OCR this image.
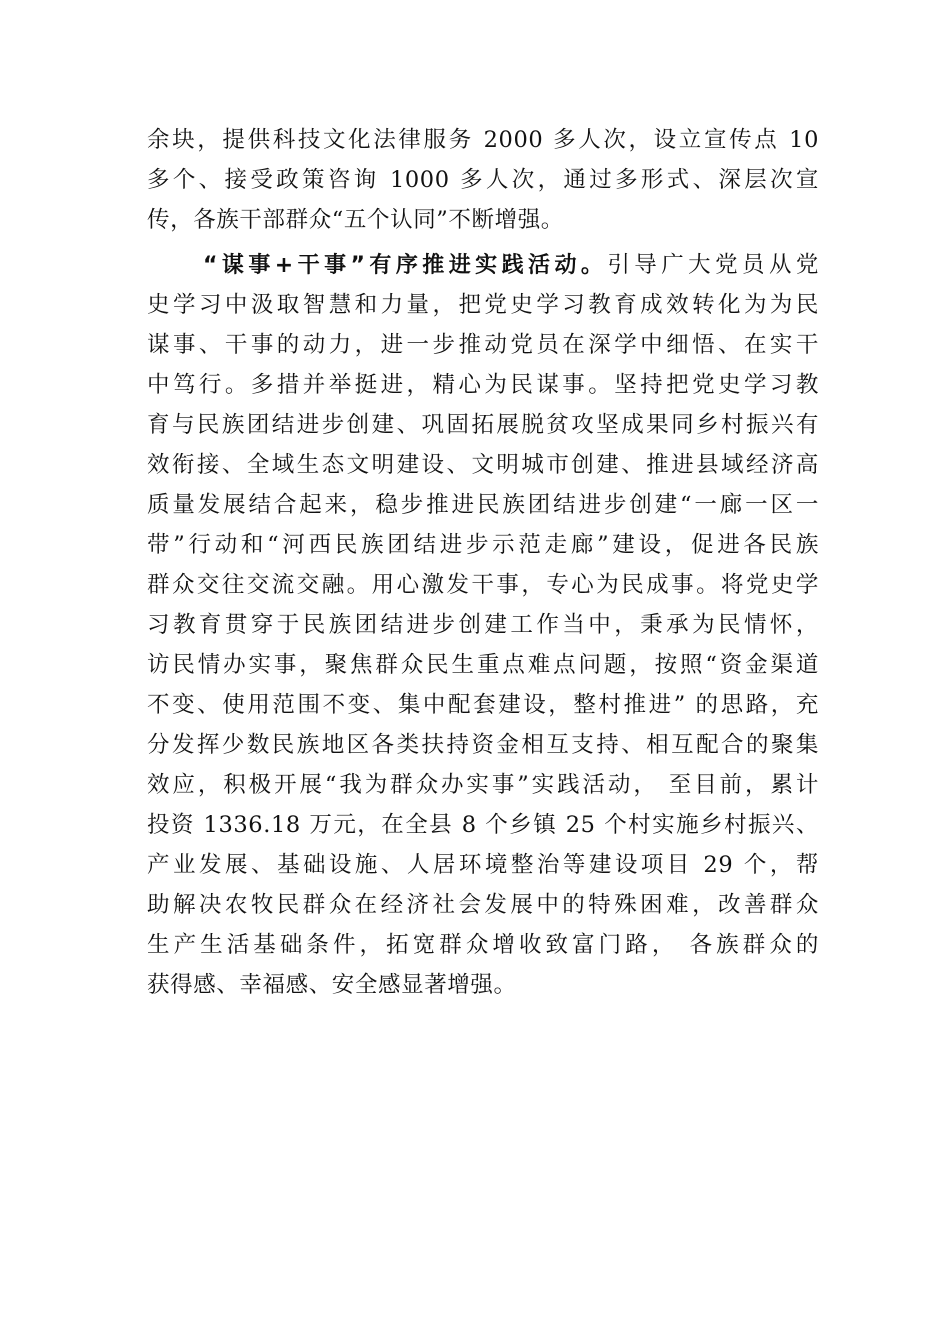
余块，提供科技文化法律服务 2000 多人次，设立宣传点 10
多个、接受政策咨询 1000 多人次，通过多形式、深层次宣
传，各族干部群众“五个认同”不断增强。
“谋事+干事”有序推进实践活动。引导广大党员从党
史学习中汲取智慧和力量，把党史学习教育成效转化为为民
谋事、干事的动力，进一步推动党员在深学中细悟、在实干
中笃行。多措并举挺进，精心为民谋事。坚持把党史学习教
育与民族团结进步创建、巩固拓展脱贫攻坚成果同乡村振兴有
效衔接、全域生态文明建设、文明城市创建、推进县域经济高
质量发展结合起来，稳步推进民族团结进步创建“一廊一区一
带”行动和“河西民族团结进步示范走廊”建设，促进各民族
群众交往交流交融。用心激发干事，专心为民成事。将党史学
习教育贯穿于民族团结进步创建工作当中，秉承为民情怀，
访民情办实事，聚焦群众民生重点难点问题，按照“资金渠道
不变、使用范围不变、集中配套建设，整村推进” 的思路，充
分发挥少数民族地区各类扶持资金相互支持、相互配合的聚集
效应，积极开展“我为群众办实事”实践活动， 至目前，累计
投资 1336.18 万元，在全县 8 个乡镇 25 个村实施乡村振兴、
产业发展、基础设施、人居环境整治等建设项目 29 个，帮
助解决农牧民群众在经济社会发展中的特殊困难，改善群众
生产生活基础条件，拓宽群众增收致富门路， 各族群众的
获得感、幸福感、安全感显著增强。
